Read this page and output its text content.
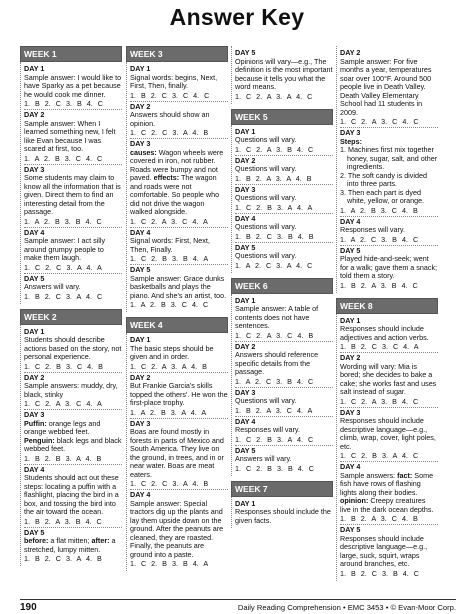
Answer Key
WEEK 1
DAY 1
Sample answer: I would like to have Sparky as a pet because he would cook me dinner.
1. B 2. C 3. B 4. C
DAY 2
Sample answer: When I learned something new, I felt like Evan because I was scared at first, too.
1. A 2. B 3. C 4. C
DAY 3
Some students may claim to know all the information that is given. Direct them to find an interesting detail from the passage.
1. A 2. B 3. B 4. C
DAY 4
Sample answer: I act silly around grumpy people to make them laugh.
1. C 2. C 3. A 4. A
DAY 5
Answers will vary.
1. B 2. C 3. A 4. C
WEEK 2
DAY 1
Students should describe actions based on the story, not personal experience.
1. C 2. B 3. C 4. B
DAY 2
Sample answers: muddy, dry, black, stinky
1. C 2. A 3. C 4. A
DAY 3
Puffin: orange legs and orange webbed feet. Penguin: black legs and black webbed feet.
1. B 2. B 3. A 4. B
DAY 4
Students should act out these steps: locating a puffin with a flashlight, placing the bird in a box, and tossing the bird into the air toward the ocean.
1. B 2. A 3. B 4. C
DAY 5
before: a flat mitten; after: a stretched, lumpy mitten.
1. B 2. C 3. A 4. B
WEEK 3
DAY 1
Signal words: begins, Next, First, Then, finally.
1. B 2. C 3. C 4. C
DAY 2
Answers should show an opinion.
1. C 2. C 3. A 4. B
DAY 3
causes: Wagon wheels were covered in iron, not rubber. Roads were bumpy and not paved. effects: The wagon and roads were not comfortable. So people who did not drive the wagon walked alongside.
1. C 2. A 3. C 4. A
DAY 4
Signal words: First, Next, Then, Finally.
1. C 2. B 3. B 4. A
DAY 5
Sample answer: Grace dunks basketballs and plays the piano. And she's an artist, too.
1. A 2. B 3. C 4. C
WEEK 4
DAY 1
The basic steps should be given and in order.
1. C 2. A 3. A 4. B
DAY 2
But Frankie Garcia's skills topped the others'. He won the first-place trophy.
1. A 2. B 3. A 4. A
DAY 3
Boas are found mostly in forests in parts of Mexico and South America. They live on the ground, in trees, and in or near water. Boas are meat eaters.
1. C 2. C 3. A 4. B
DAY 4
Sample answer: Special tractors dig up the plants and lay them upside down on the ground. After the peanuts are cleaned, they are roasted. Finally, the peanuts are ground into a paste.
1. C 2. B 3. B 4. A
DAY 5
Opinions will vary—e.g., The definition is the most important because it tells you what the word means.
1. C 2. A 3. A 4. C
WEEK 5
DAY 1
Questions will vary.
1. C 2. A 3. B 4. C
DAY 2
Questions will vary.
1. B 2. A 3. A 4. B
DAY 3
Questions will vary.
1. C 2. B 3. A 4. A
DAY 4
Questions will vary.
1. B 2. C 3. B 4. B
DAY 5
Questions will vary.
1. A 2. C 3. A 4. C
WEEK 6
DAY 1
Sample answer: A table of contents does not have sentences.
1. C 2. A 3. C 4. B
DAY 2
Answers should reference specific details from the passage.
1. A 2. C 3. B 4. C
DAY 3
Questions will vary.
1. B 2. A 3. C 4. A
DAY 4
Responses will vary.
1. C 2. B 3. A 4. C
DAY 5
Answers will vary.
1. C 2. B 3. B 4. C
WEEK 7
DAY 1
Responses should include the given facts.
DAY 2
Sample answer: For five months a year, temperatures soar over 100°F. Around 500 people live in Death Valley. Death Valley Elementary School had 11 students in 2009.
1. C 2. A 3. C 4. C
DAY 3
Steps:
1. Machines first mix together honey, sugar, salt, and other ingredients.
2. The soft candy is divided into three parts.
3. Then each part is dyed white, yellow, or orange.
1. A 2. B 3. C 4. B
DAY 4
Responses will vary.
1. A 2. C 3. B 4. C
DAY 5
Played hide-and-seek; went for a walk; gave them a snack; told them a story.
1. B 2. A 3. B 4. C
WEEK 8
DAY 1
Responses should include adjectives and action verbs.
1. B 2. C 3. C 4. A
DAY 2
Wording will vary: Mia is bored; she decides to bake a cake; she works fast and uses salt instead of sugar.
1. C 2. A 3. B 4. C
DAY 3
Responses should include descriptive language—e.g., climb, wrap, cover, light poles, etc.
1. C 2. B 3. A 4. C
DAY 4
Sample answers: fact: Some fish have rows of flashing lights along their bodies. opinion: Creepy creatures live in the dark ocean depths.
1. B 2. A 3. C 4. B
DAY 5
Responses should include descriptive language—e.g., large, suck, squirt, wraps around branches, etc.
1. B 2. C 3. B 4. C
190	Daily Reading Comprehension • EMC 3453 • © Evan-Moor Corp.
